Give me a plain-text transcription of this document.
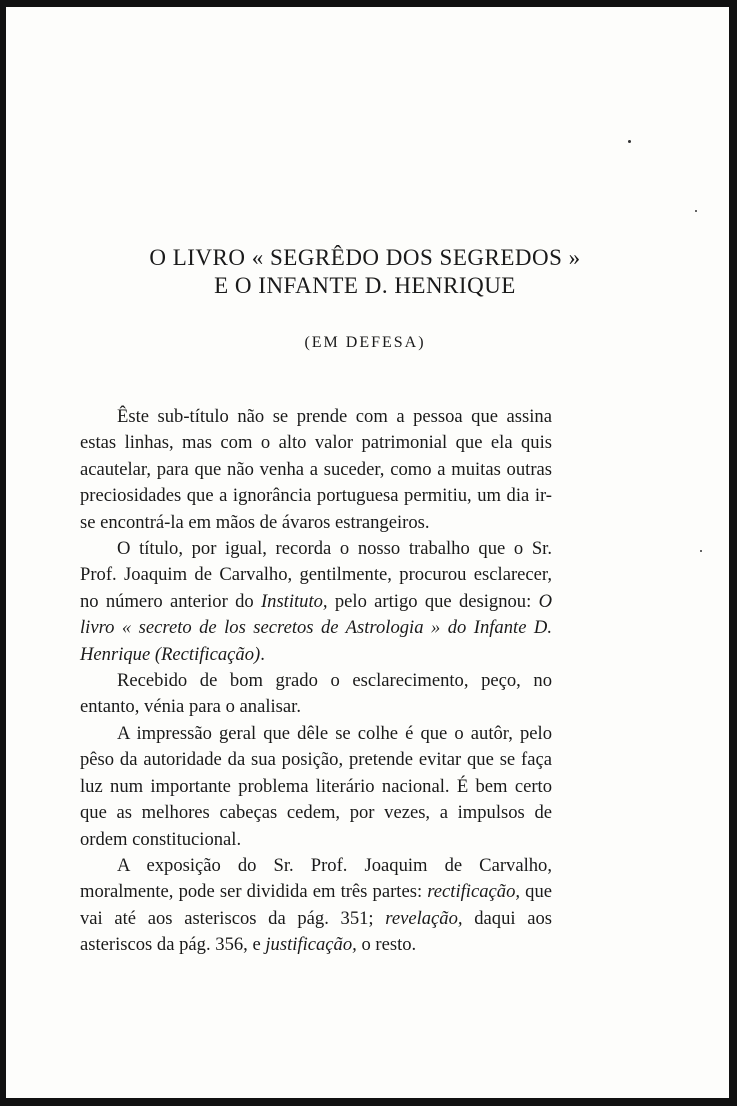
O LIVRO « SEGRÊDO DOS SEGREDOS »
E O INFANTE D. HENRIQUE
(EM DEFESA)

Êste sub-título não se prende com a pessoa que assina estas linhas, mas com o alto valor patrimonial que ela quis acautelar, para que não venha a suceder, como a muitas outras preciosidades que a ignorância portuguesa permitiu, um dia ir-se encontrá-la em mãos de ávaros estrangeiros.

O título, por igual, recorda o nosso trabalho que o Sr. Prof. Joaquim de Carvalho, gentilmente, procurou esclarecer, no número anterior do Instituto, pelo artigo que designou: O livro « secreto de los secretos de Astrologia » do Infante D. Henrique (Rectificação).

Recebido de bom grado o esclarecimento, peço, no entanto, vénia para o analisar.

A impressão geral que dêle se colhe é que o autôr, pelo pêso da autoridade da sua posição, pretende evitar que se faça luz num importante problema literário nacional. É bem certo que as melhores cabeças cedem, por vezes, a impulsos de ordem constitucional.

A exposição do Sr. Prof. Joaquim de Carvalho, moralmente, pode ser dividida em três partes: rectificação, que vai até aos asteriscos da pág. 351; revelação, daqui aos asteriscos da pág. 356, e justificação, o resto.
